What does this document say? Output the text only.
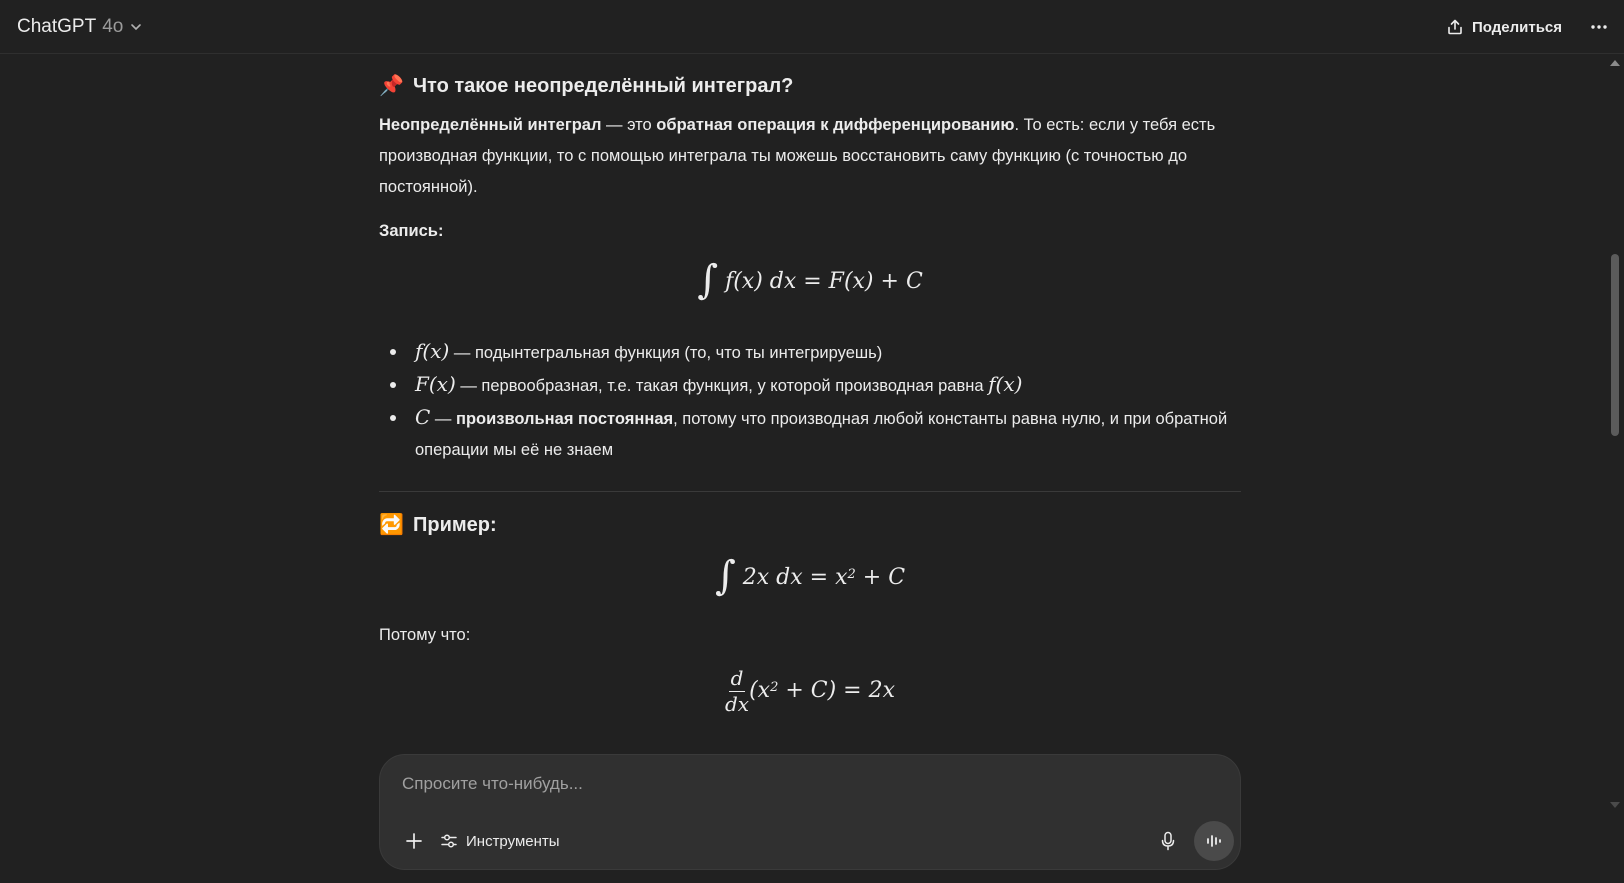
ChatGPT 4o	Поделиться
📌 Что такое неопределённый интеграл?
Неопределённый интеграл — это обратная операция к дифференцированию. То есть: если у тебя есть производная функции, то с помощью интеграла ты можешь восстановить саму функцию (с точностью до постоянной).
Запись:
∫ f(x) dx = F(x) + C
f(x) — подынтегральная функция (то, что ты интегрируешь)
F(x) — первообразная, т.е. такая функция, у которой производная равна f(x)
C — произвольная постоянная, потому что производная любой константы равна нулю, и при обратной операции мы её не знаем
🔁 Пример:
∫ 2x dx = $x^2 + C$
Потому что:
$\frac{d}{dx} (x^2 + C) = 2x$
Спросите что-нибудь...
Инструменты
